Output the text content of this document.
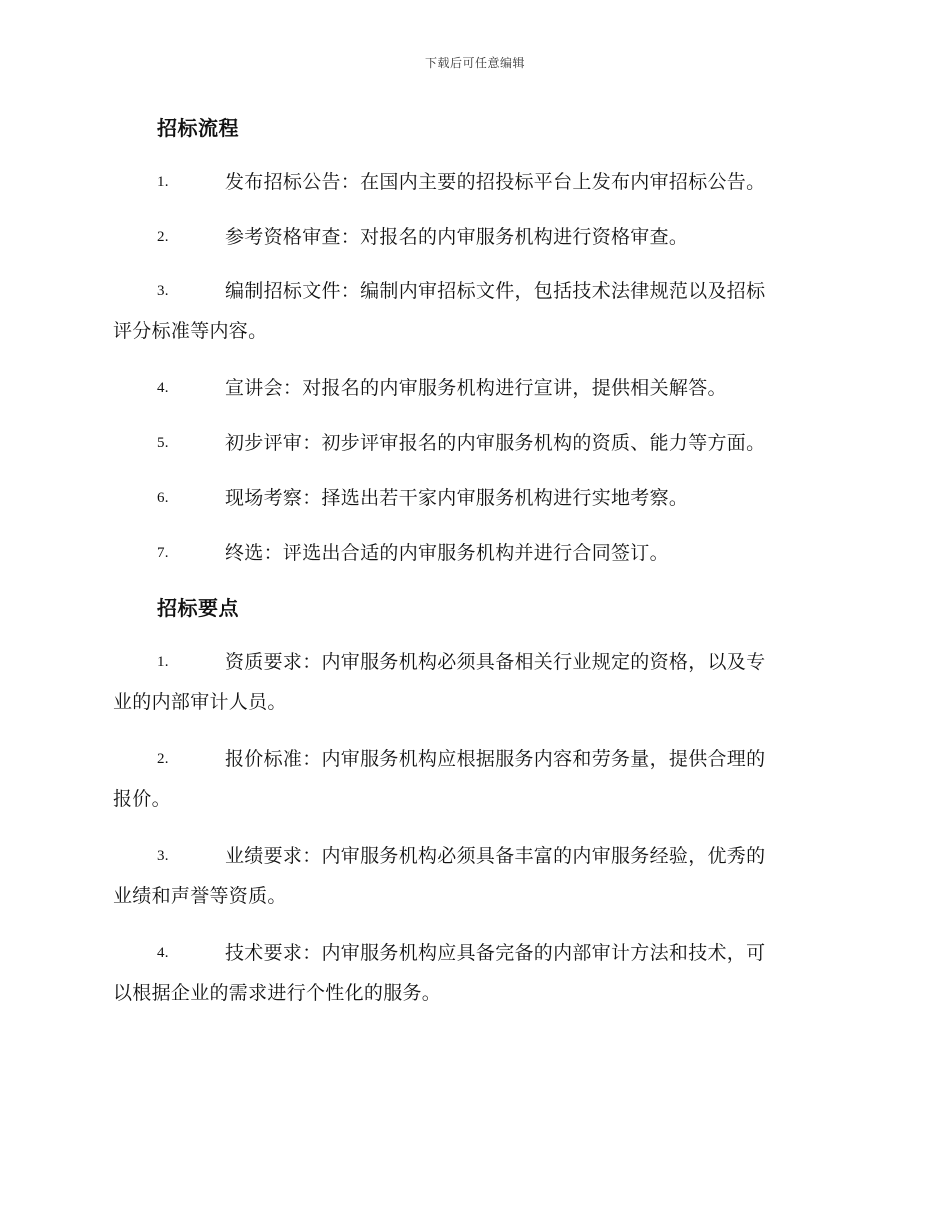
下载后可任意编辑
招标流程
1.	发布招标公告：在国内主要的招投标平台上发布内审招标公告。
2.	参考资格审查：对报名的内审服务机构进行资格审查。
3.	编制招标文件：编制内审招标文件，包括技术法律规范以及招标
评分标准等内容。
4.	宣讲会：对报名的内审服务机构进行宣讲，提供相关解答。
5.	初步评审：初步评审报名的内审服务机构的资质、能力等方面。
6.	现场考察：择选出若干家内审服务机构进行实地考察。
7.	终选：评选出合适的内审服务机构并进行合同签订。
招标要点
1.	资质要求：内审服务机构必须具备相关行业规定的资格，以及专
业的内部审计人员。
2.	报价标准：内审服务机构应根据服务内容和劳务量，提供合理的
报价。
3.	业绩要求：内审服务机构必须具备丰富的内审服务经验，优秀的
业绩和声誉等资质。
4.	技术要求：内审服务机构应具备完备的内部审计方法和技术，可
以根据企业的需求进行个性化的服务。
